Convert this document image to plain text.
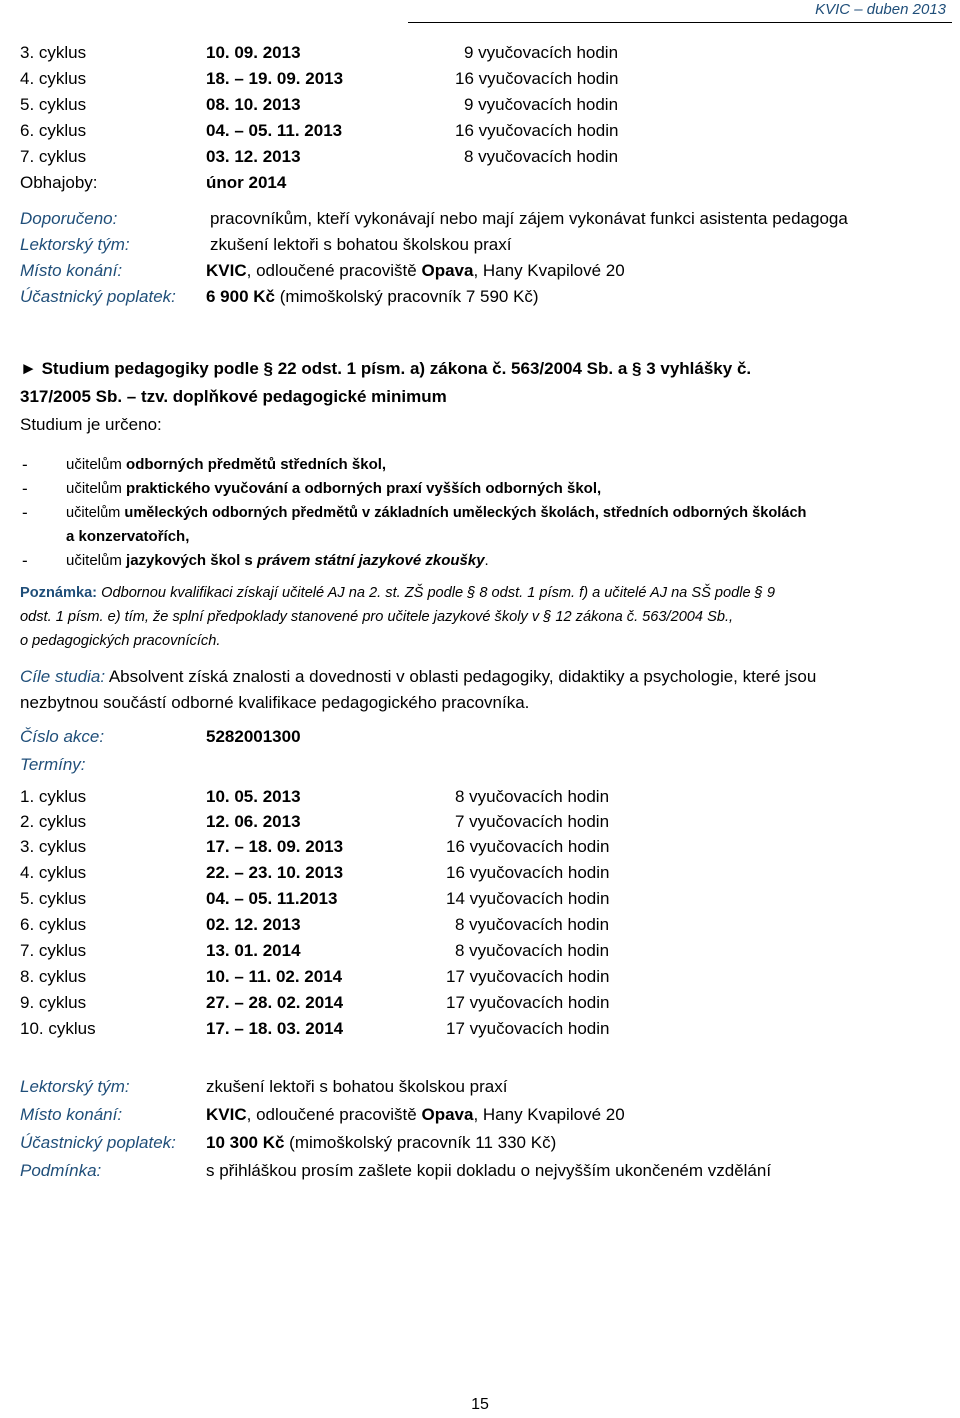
KVIC – duben 2013
3. cyklus	10. 09. 2013	9 vyučovacích hodin
4. cyklus	18. – 19. 09. 2013	16 vyučovacích hodin
5. cyklus	08. 10. 2013	9 vyučovacích hodin
6. cyklus	04. – 05. 11. 2013	16 vyučovacích hodin
7. cyklus	03. 12. 2013	8 vyučovacích hodin
Obhajoby:	únor 2014
Doporučeno:	pracovníkům, kteří vykonávají nebo mají zájem vykonávat funkci asistenta pedagoga
Lektorský tým:	zkušení lektoři s bohatou školskou praxí
Místo konání:	KVIC, odloučené pracoviště Opava, Hany Kvapilové 20
Účastnický poplatek: 6 900 Kč (mimoškolský pracovník 7 590 Kč)
► Studium pedagogiky podle § 22 odst. 1 písm. a) zákona č. 563/2004 Sb. a § 3 vyhlášky č.
317/2005 Sb. – tzv. doplňkové pedagogické minimum
Studium je určeno:
-	učitelům odborných předmětů středních škol,
-	učitelům praktického vyučování a odborných praxí vyšších odborných škol,
-	učitelům uměleckých odborných předmětů v základních uměleckých školách, středních odborných školách
a konzervatořích,
-	učitelům jazykových škol s právem státní jazykové zkoušky.
Poznámka: Odbornou kvalifikaci získají učitelé AJ na 2. st. ZŠ podle § 8 odst. 1 písm. f) a učitelé AJ na SŠ podle § 9
odst. 1 písm. e) tím, že splní předpoklady stanovené pro učitele jazykové školy v § 12 zákona č. 563/2004 Sb.,
o pedagogických pracovnících.
Cíle studia: Absolvent získá znalosti a dovednosti v oblasti pedagogiky, didaktiky a psychologie, které jsou
nezbytnou součástí odborné kvalifikace pedagogického pracovníka.
Číslo akce:	5282001300
Termíny:
1. cyklus	10. 05. 2013	8 vyučovacích hodin
2. cyklus	12. 06. 2013	7 vyučovacích hodin
3. cyklus	17. – 18. 09. 2013	16 vyučovacích hodin
4. cyklus	22. – 23. 10. 2013	16 vyučovacích hodin
5. cyklus	04. – 05. 11.2013	14 vyučovacích hodin
6. cyklus	02. 12. 2013	8 vyučovacích hodin
7. cyklus	13. 01. 2014	8 vyučovacích hodin
8. cyklus	10. – 11. 02. 2014	17 vyučovacích hodin
9. cyklus	27. – 28. 02. 2014	17 vyučovacích hodin
10. cyklus	17. – 18. 03. 2014	17 vyučovacích hodin
Lektorský tým:	zkušení lektoři s bohatou školskou praxí
Místo konání:	KVIC, odloučené pracoviště Opava, Hany Kvapilové 20
Účastnický poplatek: 10 300 Kč (mimoškolský pracovník 11 330 Kč)
Podmínka:	s přihláškou prosím zašlete kopii dokladu o nejvyšším ukončeném vzdělání
15
